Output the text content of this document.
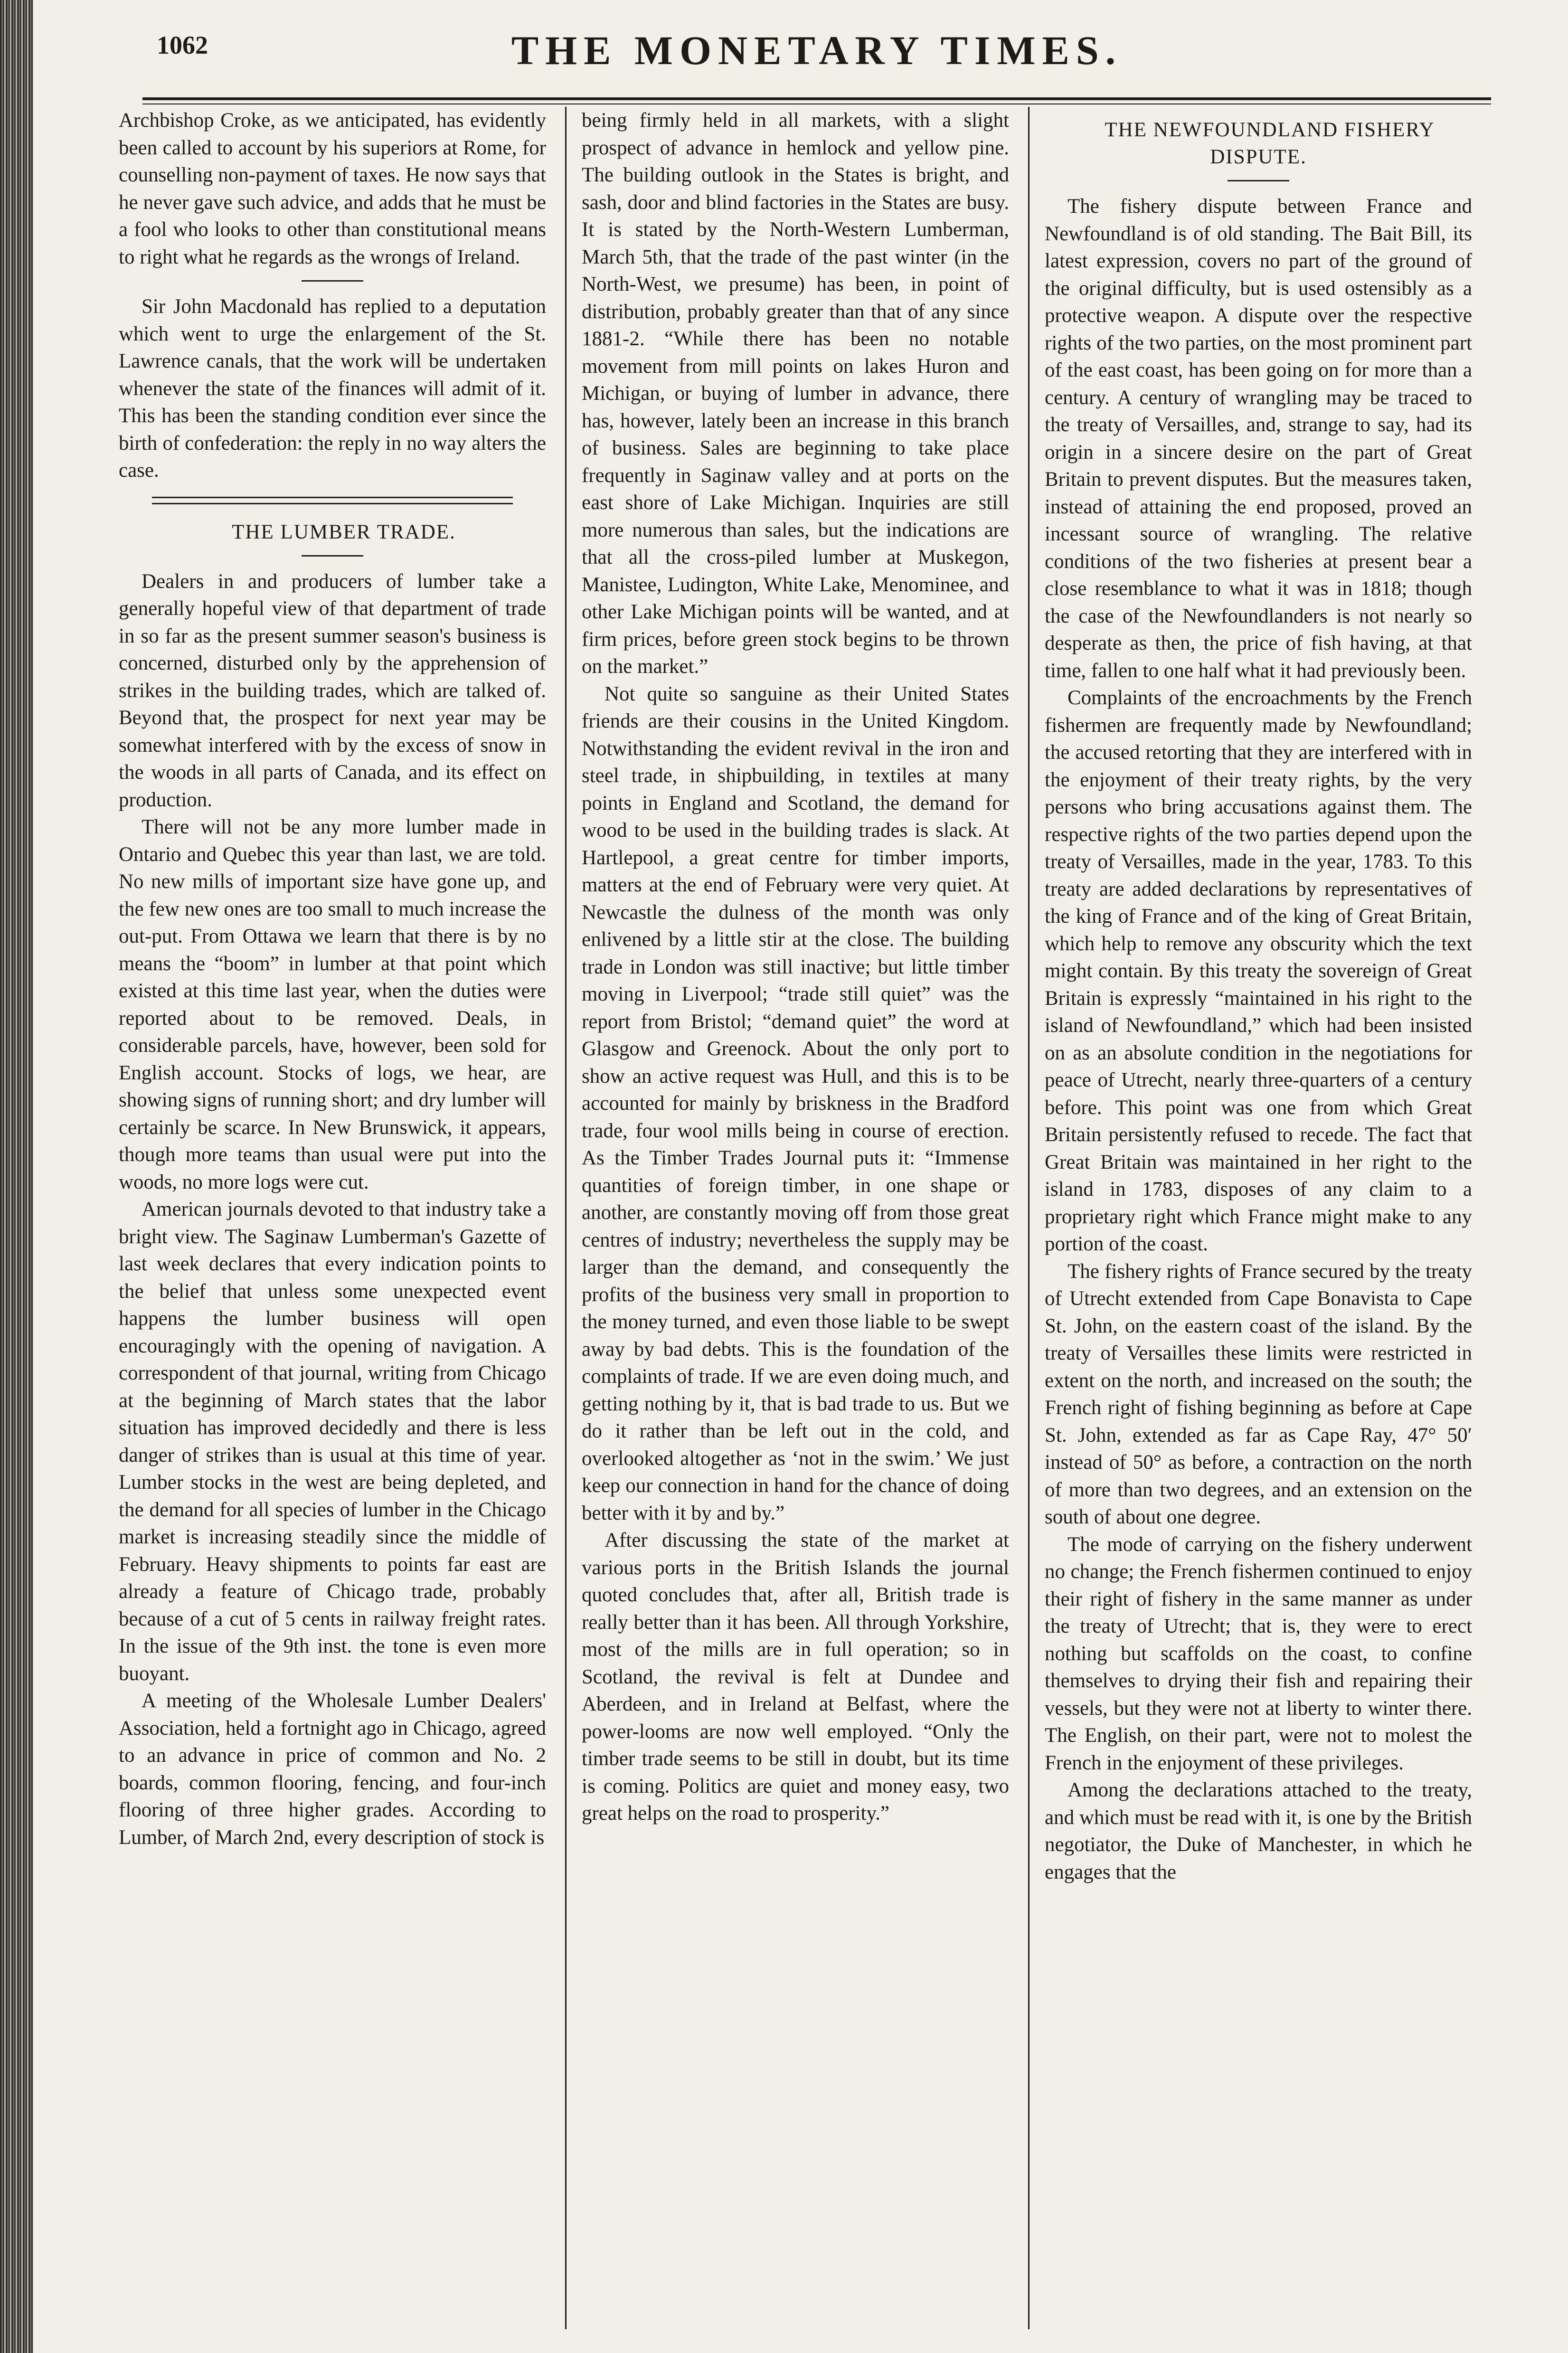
1062	THE MONETARY TIMES.

Archbishop Croke, as we anticipated, has evidently been called to account by his superiors at Rome, for counselling non-payment of taxes. He now says that he never gave such advice, and adds that he must be a fool who looks to other than constitutional means to right what he regards as the wrongs of Ireland.

Sir John Macdonald has replied to a deputation which went to urge the enlargement of the St. Lawrence canals, that the work will be undertaken whenever the state of the finances will admit of it. This has been the standing condition ever since the birth of confederation: the reply in no way alters the case.

THE LUMBER TRADE.

Dealers in and producers of lumber take a generally hopeful view of that department of trade in so far as the present summer season's business is concerned, disturbed only by the apprehension of strikes in the building trades, which are talked of. Beyond that, the prospect for next year may be somewhat interfered with by the excess of snow in the woods in all parts of Canada, and its effect on production.

There will not be any more lumber made in Ontario and Quebec this year than last, we are told. No new mills of important size have gone up, and the few new ones are too small to much increase the out-put. From Ottawa we learn that there is by no means the “boom” in lumber at that point which existed at this time last year, when the duties were reported about to be removed. Deals, in considerable parcels, have, however, been sold for English account. Stocks of logs, we hear, are showing signs of running short; and dry lumber will certainly be scarce. In New Brunswick, it appears, though more teams than usual were put into the woods, no more logs were cut.

American journals devoted to that industry take a bright view. The Saginaw Lumberman's Gazette of last week declares that every indication points to the belief that unless some unexpected event happens the lumber business will open encouragingly with the opening of navigation. A correspondent of that journal, writing from Chicago at the beginning of March states that the labor situation has improved decidedly and there is less danger of strikes than is usual at this time of year. Lumber stocks in the west are being depleted, and the demand for all species of lumber in the Chicago market is increasing steadily since the middle of February. Heavy shipments to points far east are already a feature of Chicago trade, probably because of a cut of 5 cents in railway freight rates. In the issue of the 9th inst. the tone is even more buoyant.

A meeting of the Wholesale Lumber Dealers' Association, held a fortnight ago in Chicago, agreed to an advance in price of common and No. 2 boards, common flooring, fencing, and four-inch flooring of three higher grades. According to Lumber, of March 2nd, every description of stock is

being firmly held in all markets, with a slight prospect of advance in hemlock and yellow pine. The building outlook in the States is bright, and sash, door and blind factories in the States are busy. It is stated by the North-Western Lumberman, March 5th, that the trade of the past winter (in the North-West, we presume) has been, in point of distribution, probably greater than that of any since 1881-2. “While there has been no notable movement from mill points on lakes Huron and Michigan, or buying of lumber in advance, there has, however, lately been an increase in this branch of business. Sales are beginning to take place frequently in Saginaw valley and at ports on the east shore of Lake Michigan. Inquiries are still more numerous than sales, but the indications are that all the cross-piled lumber at Muskegon, Manistee, Ludington, White Lake, Menominee, and other Lake Michigan points will be wanted, and at firm prices, before green stock begins to be thrown on the market.”

Not quite so sanguine as their United States friends are their cousins in the United Kingdom. Notwithstanding the evident revival in the iron and steel trade, in shipbuilding, in textiles at many points in England and Scotland, the demand for wood to be used in the building trades is slack. At Hartlepool, a great centre for timber imports, matters at the end of February were very quiet. At Newcastle the dulness of the month was only enlivened by a little stir at the close. The building trade in London was still inactive; but little timber moving in Liverpool; “trade still quiet” was the report from Bristol; “demand quiet” the word at Glasgow and Greenock. About the only port to show an active request was Hull, and this is to be accounted for mainly by briskness in the Bradford trade, four wool mills being in course of erection. As the Timber Trades Journal puts it: “Immense quantities of foreign timber, in one shape or another, are constantly moving off from those great centres of industry; nevertheless the supply may be larger than the demand, and consequently the profits of the business very small in proportion to the money turned, and even those liable to be swept away by bad debts. This is the foundation of the complaints of trade. If we are even doing much, and getting nothing by it, that is bad trade to us. But we do it rather than be left out in the cold, and overlooked altogether as ‘not in the swim.’ We just keep our connection in hand for the chance of doing better with it by and by.”

After discussing the state of the market at various ports in the British Islands the journal quoted concludes that, after all, British trade is really better than it has been. All through Yorkshire, most of the mills are in full operation; so in Scotland, the revival is felt at Dundee and Aberdeen, and in Ireland at Belfast, where the power-looms are now well employed. “Only the timber trade seems to be still in doubt, but its time is coming. Politics are quiet and money easy, two great helps on the road to prosperity.”

THE NEWFOUNDLAND FISHERY DISPUTE.

The fishery dispute between France and Newfoundland is of old standing. The Bait Bill, its latest expression, covers no part of the ground of the original difficulty, but is used ostensibly as a protective weapon. A dispute over the respective rights of the two parties, on the most prominent part of the east coast, has been going on for more than a century. A century of wrangling may be traced to the treaty of Versailles, and, strange to say, had its origin in a sincere desire on the part of Great Britain to prevent disputes. But the measures taken, instead of attaining the end proposed, proved an incessant source of wrangling. The relative conditions of the two fisheries at present bear a close resemblance to what it was in 1818; though the case of the Newfoundlanders is not nearly so desperate as then, the price of fish having, at that time, fallen to one half what it had previously been.

Complaints of the encroachments by the French fishermen are frequently made by Newfoundland; the accused retorting that they are interfered with in the enjoyment of their treaty rights, by the very persons who bring accusations against them. The respective rights of the two parties depend upon the treaty of Versailles, made in the year, 1783. To this treaty are added declarations by representatives of the king of France and of the king of Great Britain, which help to remove any obscurity which the text might contain. By this treaty the sovereign of Great Britain is expressly “maintained in his right to the island of Newfoundland,” which had been insisted on as an absolute condition in the negotiations for peace of Utrecht, nearly three-quarters of a century before. This point was one from which Great Britain persistently refused to recede. The fact that Great Britain was maintained in her right to the island in 1783, disposes of any claim to a proprietary right which France might make to any portion of the coast.

The fishery rights of France secured by the treaty of Utrecht extended from Cape Bonavista to Cape St. John, on the eastern coast of the island. By the treaty of Versailles these limits were restricted in extent on the north, and increased on the south; the French right of fishing beginning as before at Cape St. John, extended as far as Cape Ray, 47° 50′ instead of 50° as before, a contraction on the north of more than two degrees, and an extension on the south of about one degree.

The mode of carrying on the fishery underwent no change; the French fishermen continued to enjoy their right of fishery in the same manner as under the treaty of Utrecht; that is, they were to erect nothing but scaffolds on the coast, to confine themselves to drying their fish and repairing their vessels, but they were not at liberty to winter there. The English, on their part, were not to molest the French in the enjoyment of these privileges.

Among the declarations attached to the treaty, and which must be read with it, is one by the British negotiator, the Duke of Manchester, in which he engages that the
